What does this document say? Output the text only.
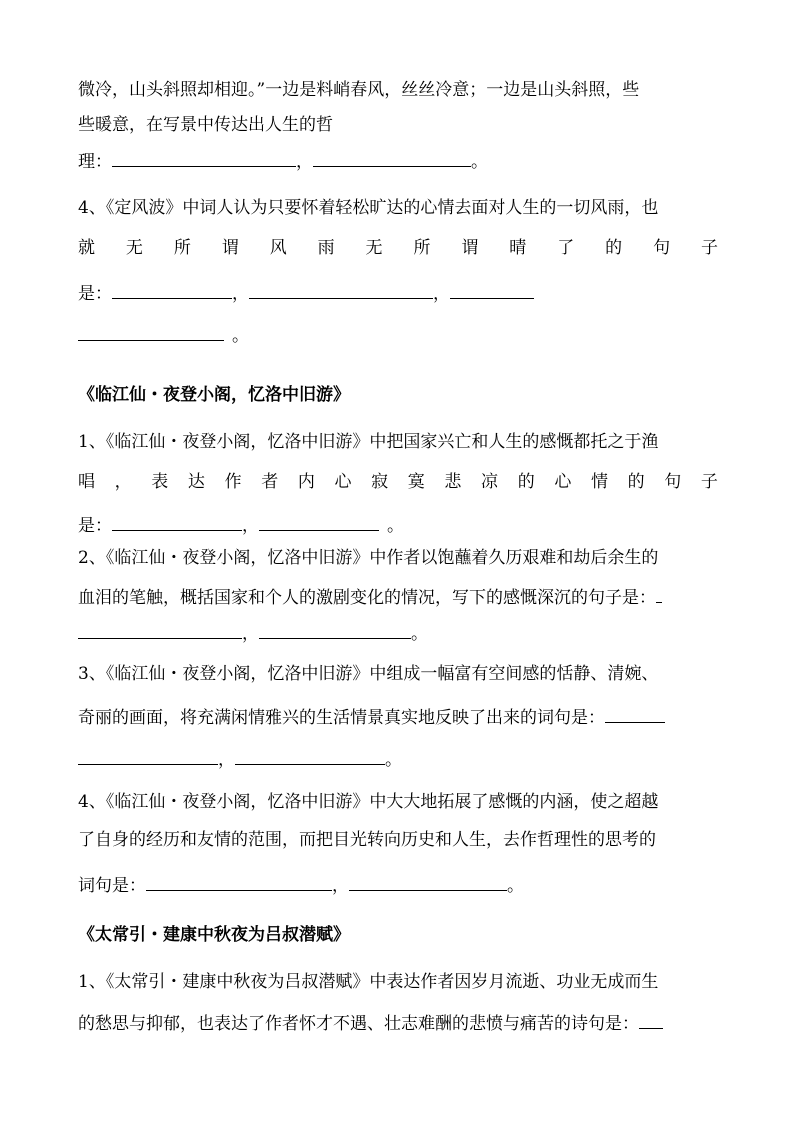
微冷，山头斜照却相迎。”一边是料峭春风，丝丝冷意；一边是山头斜照，些
些暖意，在写景中传达出人生的哲
理：	，	。
4、《定风波》中词人认为只要怀着轻松旷达的心情去面对人生的一切风雨，也
就 无 所 谓 风 雨 无 所 谓 晴 了 的 句 子
是：	，	，
。
《临江仙・夜登小阁，忆洛中旧游》
1、《临江仙・夜登小阁，忆洛中旧游》中把国家兴亡和人生的感慨都托之于渔
唱 ， 表 达 作 者 内 心 寂 寞 悲 凉 的 心 情 的 句 子
是：	，	。
2、《临江仙・夜登小阁，忆洛中旧游》中作者以饱蘸着久历艰难和劫后余生的
血泪的笔触，概括国家和个人的激剧变化的情况，写下的感慨深沉的句子是：
，	。
3、《临江仙・夜登小阁，忆洛中旧游》中组成一幅富有空间感的恬静、清婉、
奇丽的画面，将充满闲情雅兴的生活情景真实地反映了出来的词句是：
，	。
4、《临江仙・夜登小阁，忆洛中旧游》中大大地拓展了感慨的内涵，使之超越
了自身的经历和友情的范围，而把目光转向历史和人生，去作哲理性的思考的
词句是：	，	。
《太常引・建康中秋夜为吕叔潜赋》
1、《太常引・建康中秋夜为吕叔潜赋》中表达作者因岁月流逝、功业无成而生
的愁思与抑郁，也表达了作者怀才不遇、壮志难酬的悲愤与痛苦的诗句是：
